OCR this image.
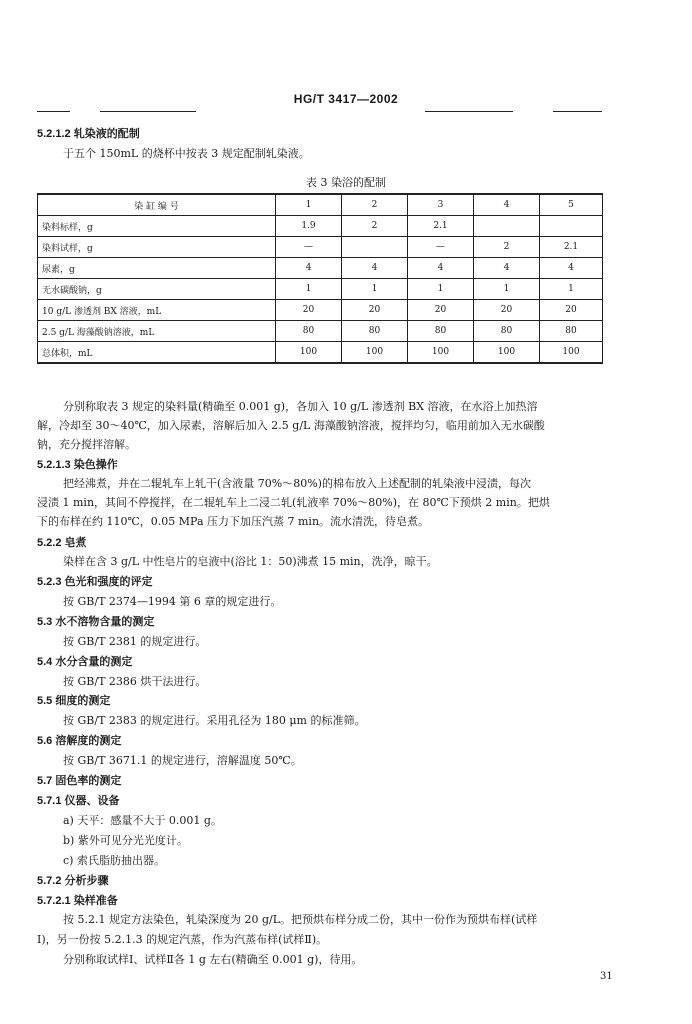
HG/T 3417—2002
5.2.1.2 轧染液的配制
于五个 150mL 的烧杯中按表 3 规定配制轧染液。
表 3 染浴的配制
染 缸 编 号	1	2	3	4	5
染料标样，g	1.9	2	2.1		
染料试样，g	—		—	2	2.1
尿素，g	4	4	4	4	4
无水碳酸钠，g	1	1	1	1	1
10 g/L 渗透剂 BX 溶液，mL	20	20	20	20	20
2.5 g/L 海藻酸钠溶液，mL	80	80	80	80	80
总体积，mL	100	100	100	100	100
分别称取表 3 规定的染料量(精确至 0.001 g)，各加入 10 g/L 渗透剂 BX 溶液，在水浴上加热溶
解，冷却至 30～40℃，加入尿素，溶解后加入 2.5 g/L 海藻酸钠溶液，搅拌均匀，临用前加入无水碳酸
钠，充分搅拌溶解。
5.2.1.3 染色操作
把经沸煮，并在二辊轧车上轧干(含液量 70%～80%)的棉布放入上述配制的轧染液中浸渍，每次
浸渍 1 min，其间不停搅拌，在二辊轧车上二浸二轧(轧液率 70%～80%)，在 80℃下预烘 2 min。把烘
下的布样在约 110℃，0.05 MPa 压力下加压汽蒸 7 min。流水清洗，待皂煮。
5.2.2 皂煮
染样在含 3 g/L 中性皂片的皂液中(浴比 1：50)沸煮 15 min，洗净，晾干。
5.2.3 色光和强度的评定
按 GB/T 2374—1994 第 6 章的规定进行。
5.3 水不溶物含量的测定
按 GB/T 2381 的规定进行。
5.4 水分含量的测定
按 GB/T 2386 烘干法进行。
5.5 细度的测定
按 GB/T 2383 的规定进行。采用孔径为 180 μm 的标准筛。
5.6 溶解度的测定
按 GB/T 3671.1 的规定进行，溶解温度 50℃。
5.7 固色率的测定
5.7.1 仪器、设备
a) 天平：感量不大于 0.001 g。
b) 紫外可见分光光度计。
c) 索氏脂肪抽出器。
5.7.2 分析步骤
5.7.2.1 染样准备
按 5.2.1 规定方法染色，轧染深度为 20 g/L。把预烘布样分成二份，其中一份作为预烘布样(试样
Ⅰ)，另一份按 5.2.1.3 的规定汽蒸，作为汽蒸布样(试样Ⅱ)。
分别称取试样Ⅰ、试样Ⅱ各 1 g 左右(精确至 0.001 g)，待用。
31
